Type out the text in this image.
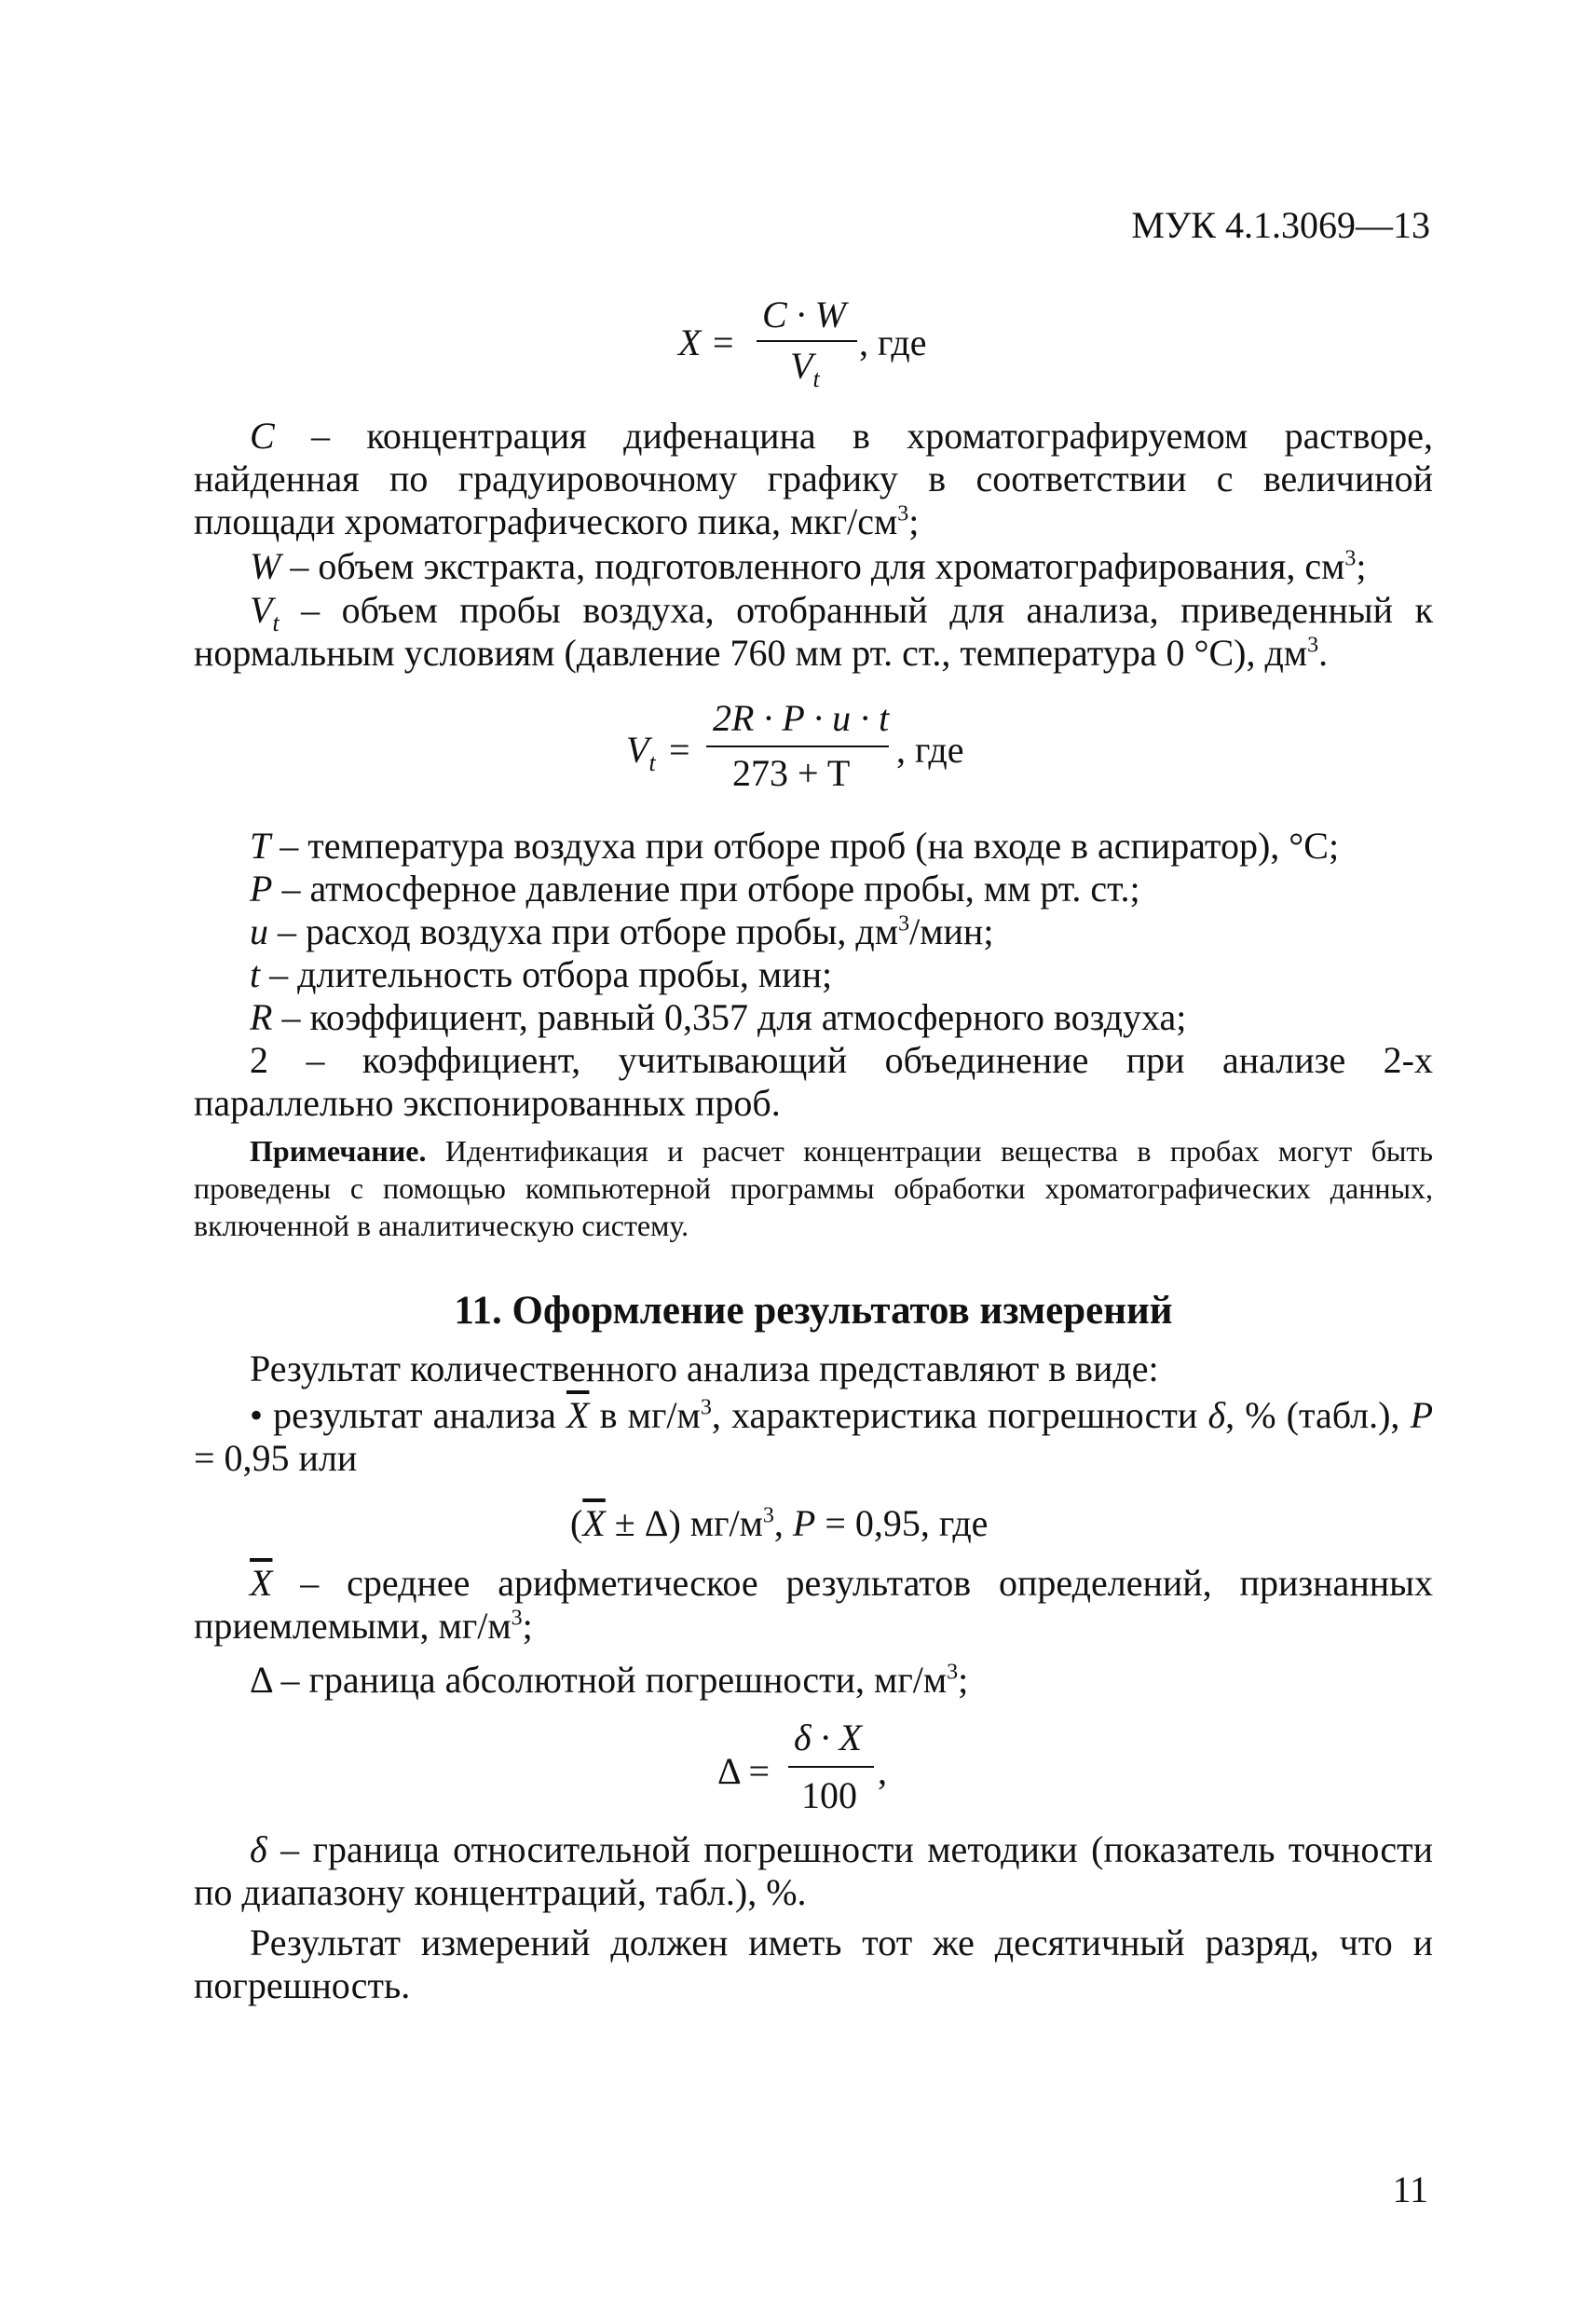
МУК 4.1.3069—13
X =
C · W
$V_t$
, где
C – концентрация дифенацина в хроматографируемом растворе, найденная по градуировочному графику в соответствии с величиной площади хроматографического пика, мкг/$см^3$;
W – объем экстракта, подготовленного для хроматографирования, $см^3$;
$V_t$ – объем пробы воздуха, отобранный для анализа, приведенный к нормальным условиям (давление 760 мм рт. ст., температура 0 °С), $дм^3$.
$V_t$ =
2R · P · u · t
273 + T
, где
T – температура воздуха при отборе проб (на входе в аспиратор), °С;
P – атмосферное давление при отборе пробы, мм рт. ст.;
u – расход воздуха при отборе пробы, $дм^3$/мин;
t – длительность отбора пробы, мин;
R – коэффициент, равный 0,357 для атмосферного воздуха;
2 – коэффициент, учитывающий объединение при анализе 2-х параллельно экспонированных проб.
Примечание. Идентификация и расчет концентрации вещества в пробах могут быть проведены с помощью компьютерной программы обработки хроматографических данных, включенной в аналитическую систему.
11. Оформление результатов измерений
Результат количественного анализа представляют в виде:
• результат анализа $\overline{X}$ в $мг/м^3$, характеристика погрешности δ, % (табл.), P = 0,95 или
$(\overline{X} \pm \Delta)$ $мг/м^3$, P = 0,95, где
$\overline{X}$ – среднее арифметическое результатов определений, признанных приемлемыми, $мг/м^3$;
Δ – граница абсолютной погрешности, $мг/м^3$;
Δ =
δ · X
100
,
δ – граница относительной погрешности методики (показатель точности по диапазону концентраций, табл.), %.
Результат измерений должен иметь тот же десятичный разряд, что и погрешность.
11
